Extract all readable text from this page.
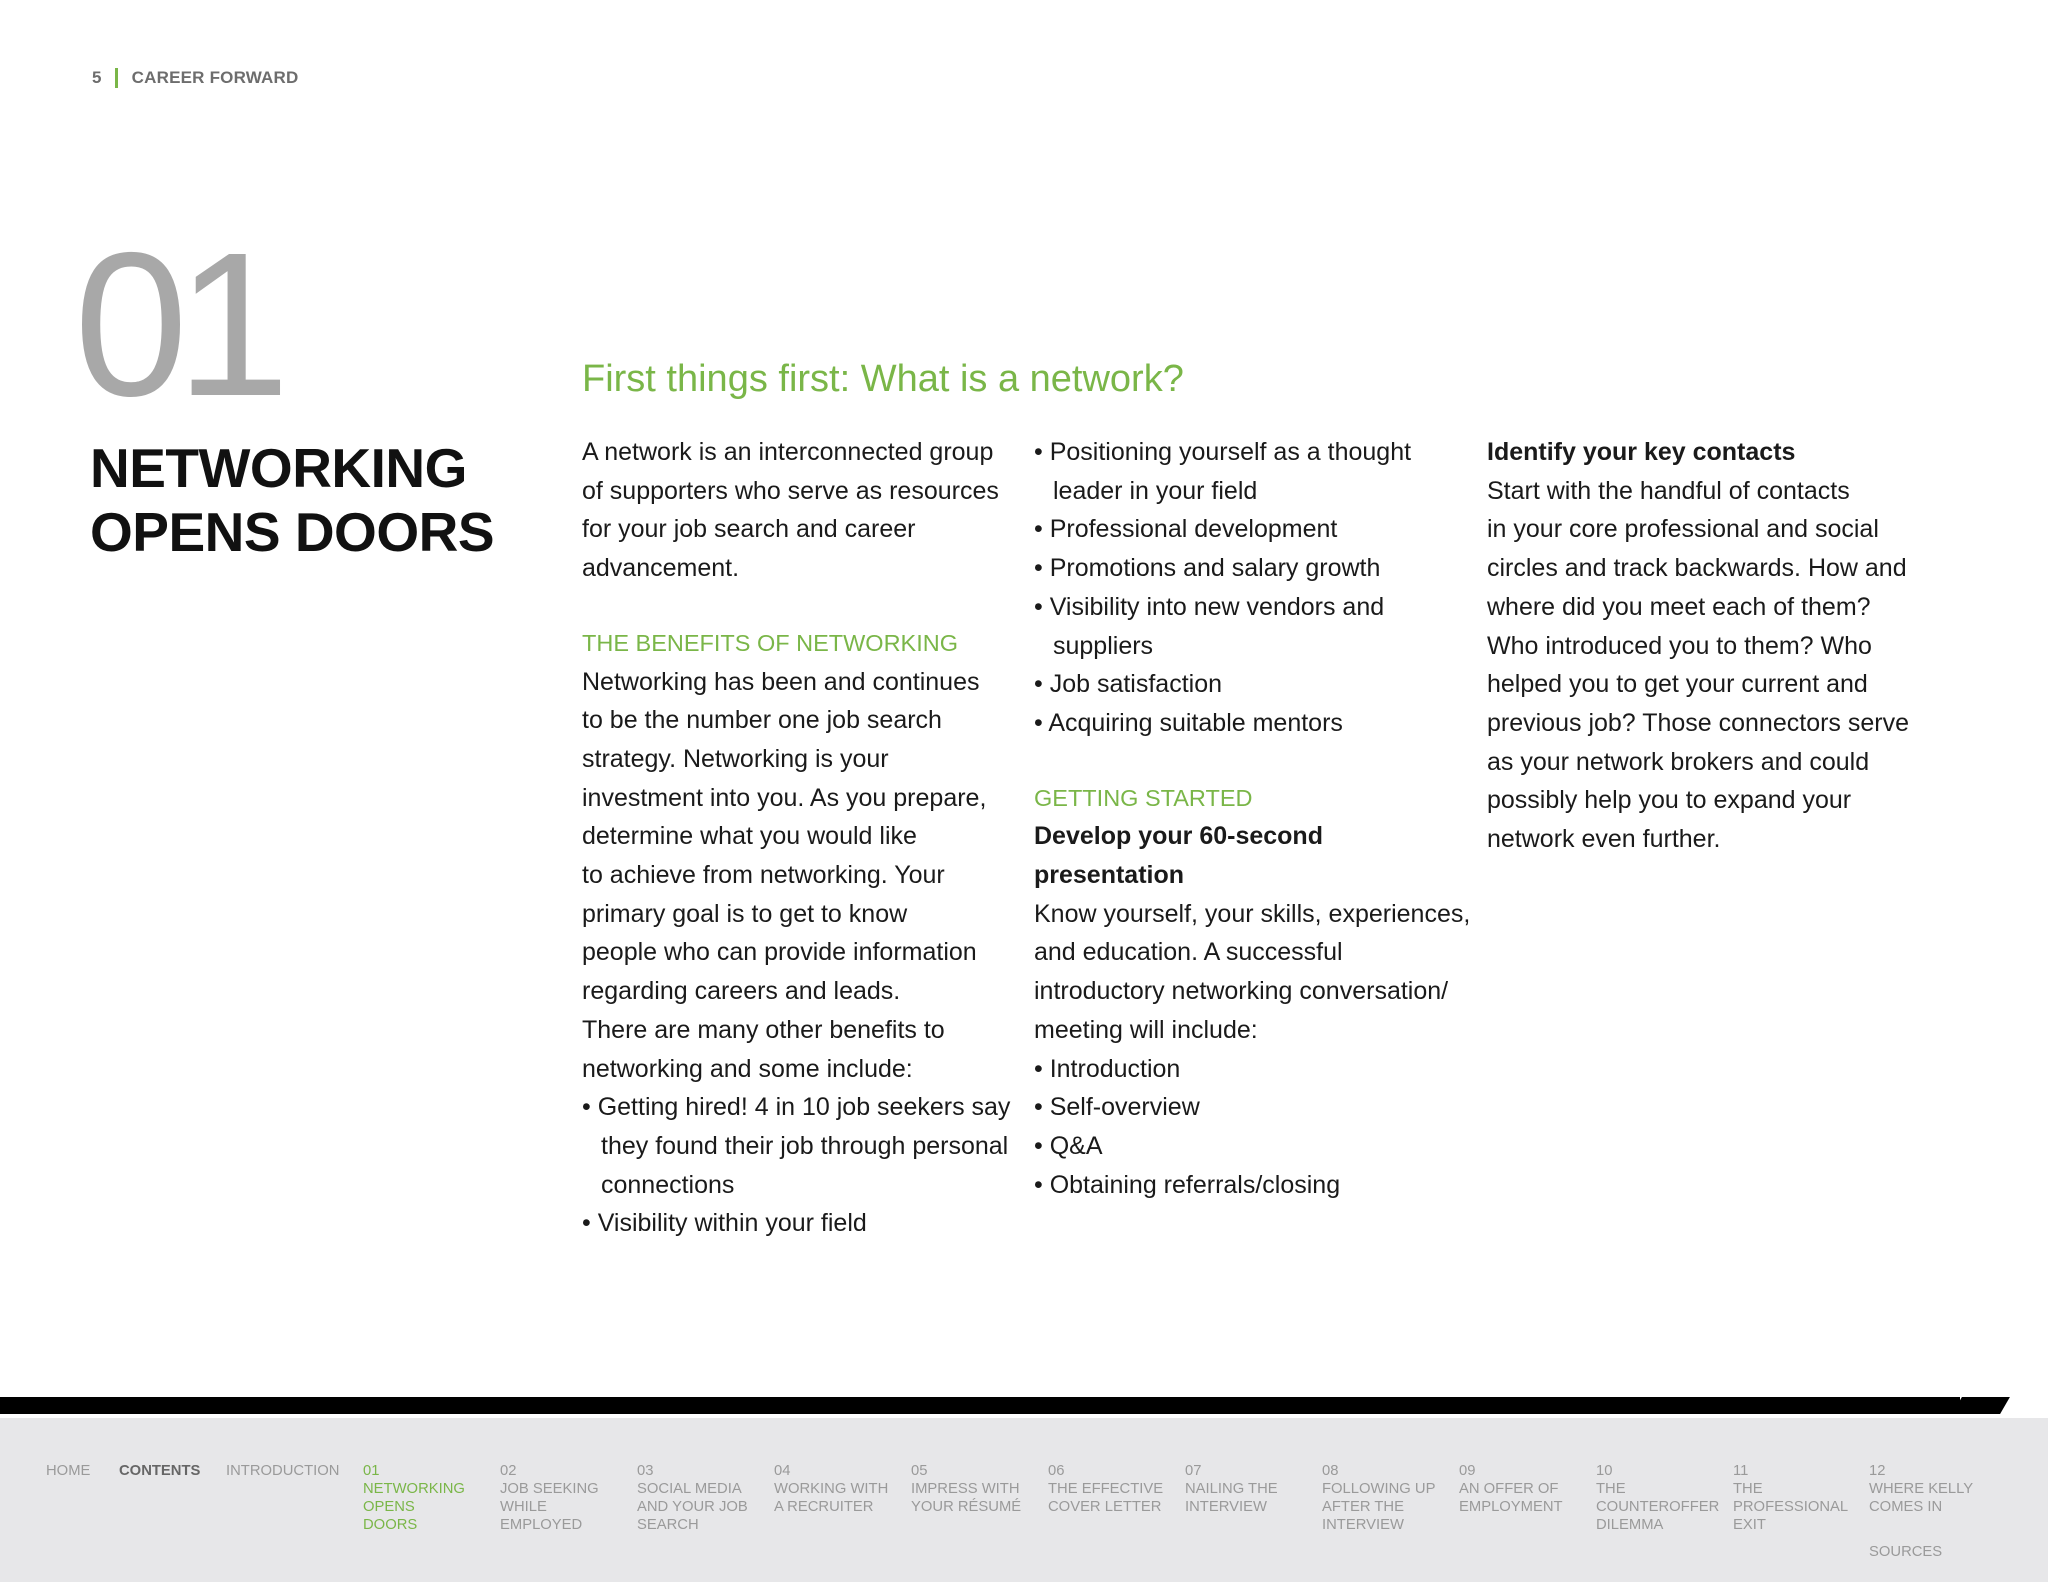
5 CAREER FORWARD
01
NETWORKING
OPENS DOORS
First things first: What is a network?
A network is an interconnected group
of supporters who serve as resources
for your job search and career
advancement.
THE BENEFITS OF NETWORKING
Networking has been and continues
to be the number one job search
strategy. Networking is your
investment into you. As you prepare,
determine what you would like
to achieve from networking. Your
primary goal is to get to know
people who can provide information
regarding careers and leads.
There are many other benefits to
networking and some include:
• Getting hired! 4 in 10 job seekers say they found their job through personal connections
• Visibility within your field
• Positioning yourself as a thought leader in your field
• Professional development
• Promotions and salary growth
• Visibility into new vendors and suppliers
• Job satisfaction
• Acquiring suitable mentors
GETTING STARTED
Develop your 60-second
presentation
Know yourself, your skills, experiences,
and education. A successful
introductory networking conversation/
meeting will include:
• Introduction
• Self-overview
• Q&A
• Obtaining referrals/closing
Identify your key contacts
Start with the handful of contacts
in your core professional and social
circles and track backwards. How and
where did you meet each of them?
Who introduced you to them? Who
helped you to get your current and
previous job? Those connectors serve
as your network brokers and could
possibly help you to expand your
network even further.
HOME CONTENTS INTRODUCTION 01
NETWORKING OPENS DOORS
02
JOB SEEKING WHILE EMPLOYED
03
SOCIAL MEDIA AND YOUR JOB SEARCH
04
WORKING WITH A RECRUITER
05
IMPRESS WITH YOUR RÉSUMÉ
06
THE EFFECTIVE COVER LETTER
07
NAILING THE INTERVIEW
08
FOLLOWING UP AFTER THE INTERVIEW
09
AN OFFER OF EMPLOYMENT
10
THE COUNTEROFFER DILEMMA
11
THE PROFESSIONAL EXIT
12
WHERE KELLY COMES IN
SOURCES
